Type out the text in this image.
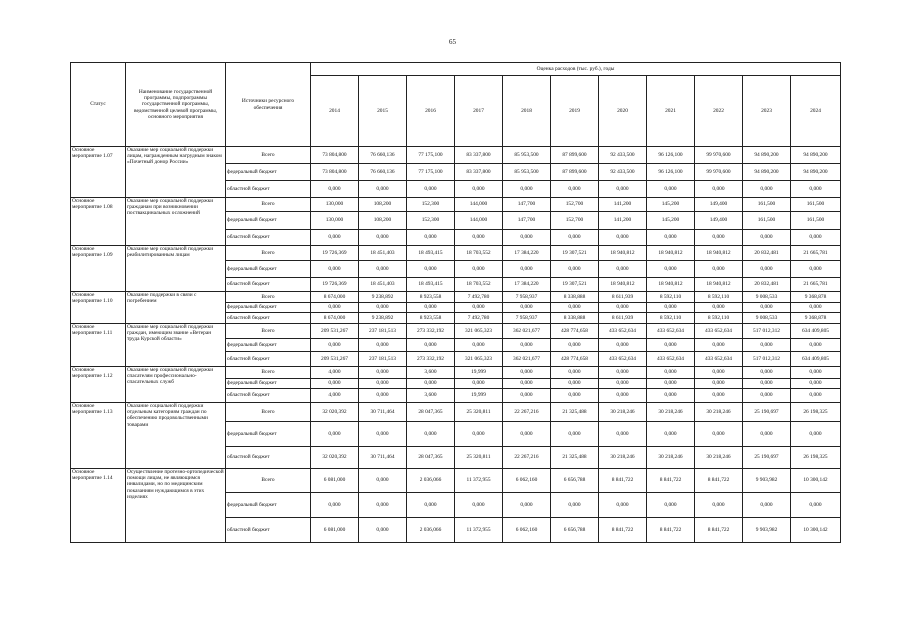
65
Статус	Наименование государственной программы, подпрограммы государственной программы, ведомственной целевой программы, основного мероприятия	Источники ресурсного обеспечения	Оценка расходов (тыс. руб.), годы										
			2014	2015	2016	2017	2018	2019	2020	2021	2022	2023	2024
Основное мероприятие 1.07	Оказание мер социальной поддержки лицам, награжденным нагрудным знаком «Почетный донор России»	Всего	73 804,800	76 660,136	77 175,100	83 337,800	85 953,500	87 899,600	92 433,500	96 126,100	99 970,600	94 890,200	94 890,200
		федеральный бюджет	73 804,800	76 660,136	77 175,100	83 337,800	85 953,500	87 899,600	92 433,500	96 126,100	99 970,600	94 890,200	94 890,200
		областной бюджет	0,000	0,000	0,000	0,000	0,000	0,000	0,000	0,000	0,000	0,000	0,000
Основное мероприятие 1.08	Оказание мер социальной поддержки гражданам при возникновении поствакцинальных осложнений	Всего	130,000	108,200	152,300	144,000	147,700	152,700	141,200	145,200	149,400	161,500	161,500
		федеральный бюджет	130,000	108,200	152,300	144,000	147,700	152,700	141,200	145,200	149,400	161,500	161,500
		областной бюджет	0,000	0,000	0,000	0,000	0,000	0,000	0,000	0,000	0,000	0,000	0,000
Основное мероприятие 1.09	Оказание мер социальной поддержки реабилитированным лицам	Всего	19 726,369	18 451,403	18 493,415	18 703,552	17 384,220	19 307,521	18 940,812	18 940,812	18 940,812	20 832,481	21 665,781
		федеральный бюджет	0,000	0,000	0,000	0,000	0,000	0,000	0,000	0,000	0,000	0,000	0,000
		областной бюджет	19 726,369	18 451,403	18 493,415	18 703,552	17 384,220	19 307,521	18 940,812	18 940,812	18 940,812	20 832,481	21 665,781
Основное мероприятие 1.10	Оказание поддержки в связи с погребением	Всего	8 674,000	9 238,892	8 923,558	7 492,780	7 958,937	8 338,888	8 611,939	8 592,110	8 592,110	9 008,533	9 368,878
		федеральный бюджет	0,000	0,000	0,000	0,000	0,000	0,000	0,000	0,000	0,000	0,000	0,000
		областной бюджет	8 674,000	9 238,892	8 923,558	7 492,780	7 958,937	8 338,888	8 611,939	8 592,110	8 592,110	9 008,533	9 368,878
Основное мероприятие 1.11	Оказание мер социальной поддержки граждан, имеющим звание «Ветеран труда Курской области»	Всего	209 531,267	237 181,513	273 332,192	321 065,323	362 021,677	428 774,658	433 652,634	433 652,634	433 652,634	517 012,312	634 409,805
		федеральный бюджет	0,000	0,000	0,000	0,000	0,000	0,000	0,000	0,000	0,000	0,000	0,000
		областной бюджет	209 531,267	237 181,513	273 332,192	321 065,323	362 021,677	428 774,658	433 652,634	433 652,634	433 652,634	517 012,312	634 409,805
Основное мероприятие 1.12	Оказание мер социальной поддержки спасателям профессионально-спасательных служб	Всего	4,000	0,000	3,600	19,999	0,000	0,000	0,000	0,000	0,000	0,000	0,000
		федеральный бюджет	0,000	0,000	0,000	0,000	0,000	0,000	0,000	0,000	0,000	0,000	0,000
		областной бюджет	4,000	0,000	3,600	19,999	0,000	0,000	0,000	0,000	0,000	0,000	0,000
Основное мероприятие 1.13	Оказание социальной поддержки отдельным категориям граждан по обеспечению продовольственными товарами	Всего	32 020,392	30 711,464	28 047,365	25 320,811	22 267,216	21 325,488	30 218,246	30 218,246	30 218,246	25 190,697	26 198,325
		федеральный бюджет	0,000	0,000	0,000	0,000	0,000	0,000	0,000	0,000	0,000	0,000	0,000
		областной бюджет	32 020,392	30 711,464	28 047,365	25 320,811	22 267,216	21 325,488	30 218,246	30 218,246	30 218,246	25 190,697	26 198,325
Основное мероприятие 1.14	Осуществление протезно-ортопедической помощи лицам, не являющимся инвалидами, но по медицинским показаниям нуждающимся в этих изделиях	Всего	6 081,000	0,000	2 036,066	11 372,955	6 062,160	6 656,788	8 841,722	8 841,722	8 841,722	9 903,982	10 300,142
		федеральный бюджет	0,000	0,000	0,000	0,000	0,000	0,000	0,000	0,000	0,000	0,000	0,000
		областной бюджет	6 081,000	0,000	2 036,066	11 372,955	6 062,160	6 656,788	8 841,722	8 841,722	8 841,722	9 903,982	10 300,142
